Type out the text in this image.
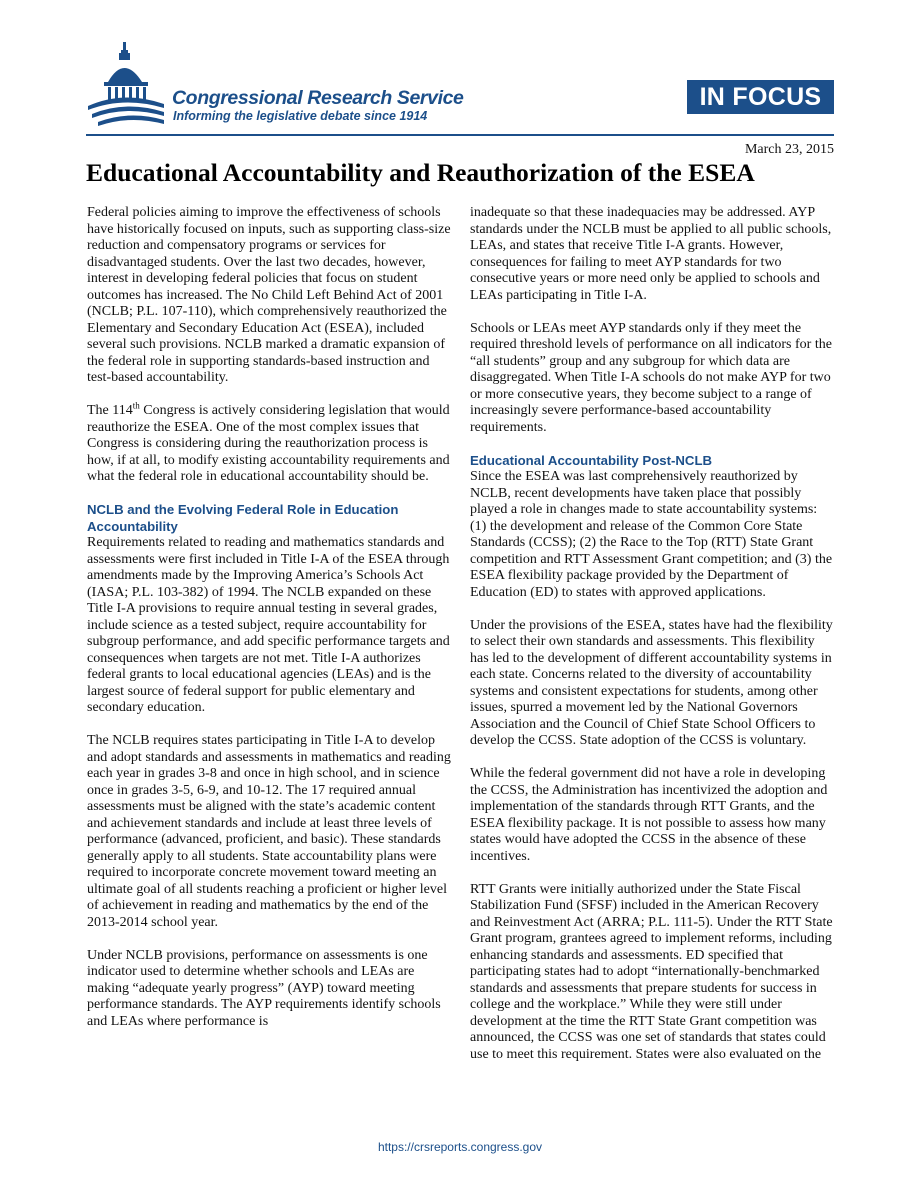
Congressional Research Service
Informing the legislative debate since 1914
IN FOCUS
March 23, 2015
Educational Accountability and Reauthorization of the ESEA

Federal policies aiming to improve the effectiveness of schools have historically focused on inputs, such as supporting class-size reduction and compensatory programs or services for disadvantaged students. Over the last two decades, however, interest in developing federal policies that focus on student outcomes has increased. The No Child Left Behind Act of 2001 (NCLB; P.L. 107-110), which comprehensively reauthorized the Elementary and Secondary Education Act (ESEA), included several such provisions. NCLB marked a dramatic expansion of the federal role in supporting standards-based instruction and test-based accountability.

The 114th Congress is actively considering legislation that would reauthorize the ESEA. One of the most complex issues that Congress is considering during the reauthorization process is how, if at all, to modify existing accountability requirements and what the federal role in educational accountability should be.

NCLB and the Evolving Federal Role in Education Accountability

Requirements related to reading and mathematics standards and assessments were first included in Title I-A of the ESEA through amendments made by the Improving America’s Schools Act (IASA; P.L. 103-382) of 1994. The NCLB expanded on these Title I-A provisions to require annual testing in several grades, include science as a tested subject, require accountability for subgroup performance, and add specific performance targets and consequences when targets are not met. Title I-A authorizes federal grants to local educational agencies (LEAs) and is the largest source of federal support for public elementary and secondary education.

The NCLB requires states participating in Title I-A to develop and adopt standards and assessments in mathematics and reading each year in grades 3-8 and once in high school, and in science once in grades 3-5, 6-9, and 10-12. The 17 required annual assessments must be aligned with the state’s academic content and achievement standards and include at least three levels of performance (advanced, proficient, and basic). These standards generally apply to all students. State accountability plans were required to incorporate concrete movement toward meeting an ultimate goal of all students reaching a proficient or higher level of achievement in reading and mathematics by the end of the 2013-2014 school year.

Under NCLB provisions, performance on assessments is one indicator used to determine whether schools and LEAs are making “adequate yearly progress” (AYP) toward meeting performance standards. The AYP requirements identify schools and LEAs where performance is

inadequate so that these inadequacies may be addressed. AYP standards under the NCLB must be applied to all public schools, LEAs, and states that receive Title I-A grants. However, consequences for failing to meet AYP standards for two consecutive years or more need only be applied to schools and LEAs participating in Title I-A.

Schools or LEAs meet AYP standards only if they meet the required threshold levels of performance on all indicators for the “all students” group and any subgroup for which data are disaggregated. When Title I-A schools do not make AYP for two or more consecutive years, they become subject to a range of increasingly severe performance-based accountability requirements.

Educational Accountability Post-NCLB

Since the ESEA was last comprehensively reauthorized by NCLB, recent developments have taken place that possibly played a role in changes made to state accountability systems: (1) the development and release of the Common Core State Standards (CCSS); (2) the Race to the Top (RTT) State Grant competition and RTT Assessment Grant competition; and (3) the ESEA flexibility package provided by the Department of Education (ED) to states with approved applications.

Under the provisions of the ESEA, states have had the flexibility to select their own standards and assessments. This flexibility has led to the development of different accountability systems in each state. Concerns related to the diversity of accountability systems and consistent expectations for students, among other issues, spurred a movement led by the National Governors Association and the Council of Chief State School Officers to develop the CCSS. State adoption of the CCSS is voluntary.

While the federal government did not have a role in developing the CCSS, the Administration has incentivized the adoption and implementation of the standards through RTT Grants, and the ESEA flexibility package. It is not possible to assess how many states would have adopted the CCSS in the absence of these incentives.

RTT Grants were initially authorized under the State Fiscal Stabilization Fund (SFSF) included in the American Recovery and Reinvestment Act (ARRA; P.L. 111-5). Under the RTT State Grant program, grantees agreed to implement reforms, including enhancing standards and assessments. ED specified that participating states had to adopt “internationally-benchmarked standards and assessments that prepare students for success in college and the workplace.” While they were still under development at the time the RTT State Grant competition was announced, the CCSS was one set of standards that states could use to meet this requirement. States were also evaluated on the

https://crsreports.congress.gov
